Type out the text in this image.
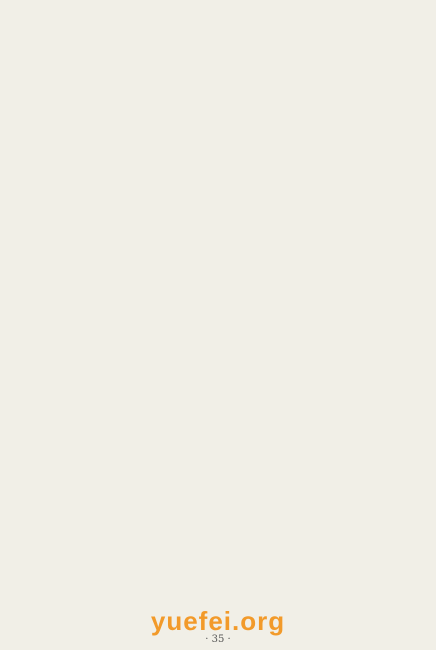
yuefei.org
· 35 ·
